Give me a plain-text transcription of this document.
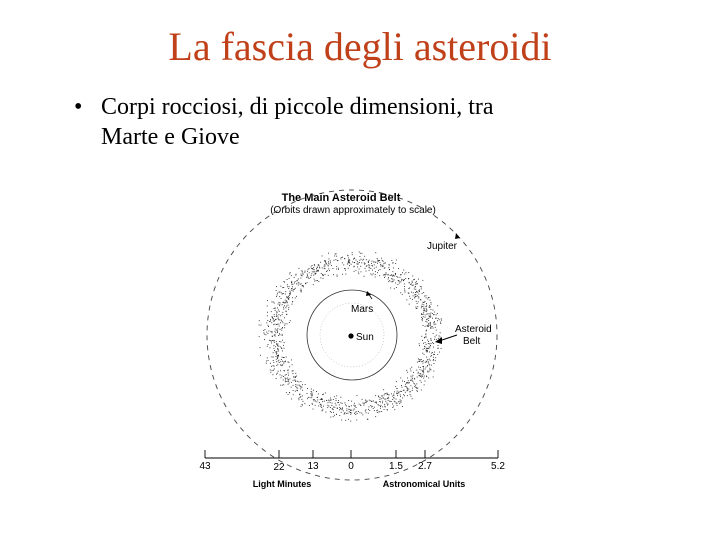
La fascia degli asteroidi
• Corpi rocciosi, di piccole dimensioni, tra
Marte e Giove
The Main Asteroid Belt
(Orbits drawn approximately to scale)
Sun
Mars
Jupiter
Asteroid
Belt
43	22 13	0	1.5 2.7	5.2
Light Minutes	Astronomical Units
